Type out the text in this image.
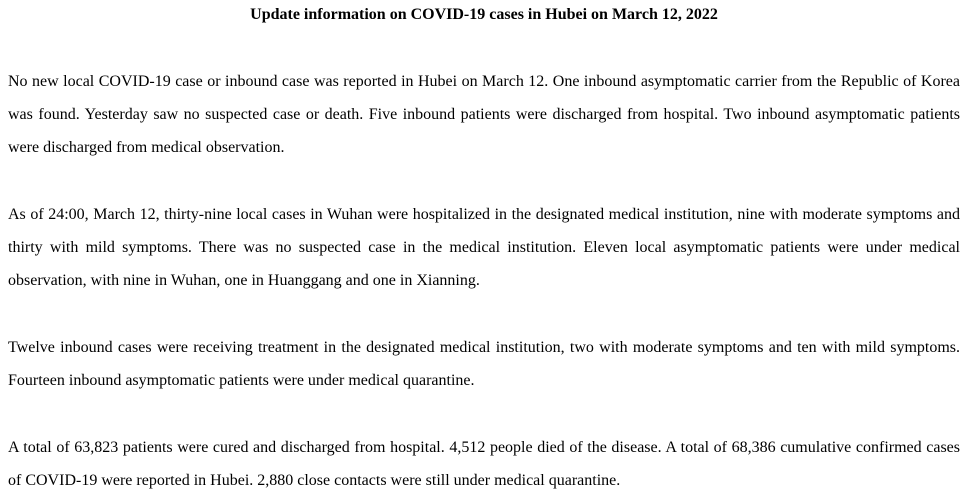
Update information on COVID-19 cases in Hubei on March 12, 2022

No new local COVID-19 case or inbound case was reported in Hubei on March 12. One inbound asymptomatic carrier from the Republic of Korea was found. Yesterday saw no suspected case or death. Five inbound patients were discharged from hospital. Two inbound asymptomatic patients were discharged from medical observation.

As of 24:00, March 12, thirty-nine local cases in Wuhan were hospitalized in the designated medical institution, nine with moderate symptoms and thirty with mild symptoms. There was no suspected case in the medical institution. Eleven local asymptomatic patients were under medical observation, with nine in Wuhan, one in Huanggang and one in Xianning.

Twelve inbound cases were receiving treatment in the designated medical institution, two with moderate symptoms and ten with mild symptoms. Fourteen inbound asymptomatic patients were under medical quarantine.

A total of 63,823 patients were cured and discharged from hospital. 4,512 people died of the disease. A total of 68,386 cumulative confirmed cases of COVID-19 were reported in Hubei. 2,880 close contacts were still under medical quarantine.
